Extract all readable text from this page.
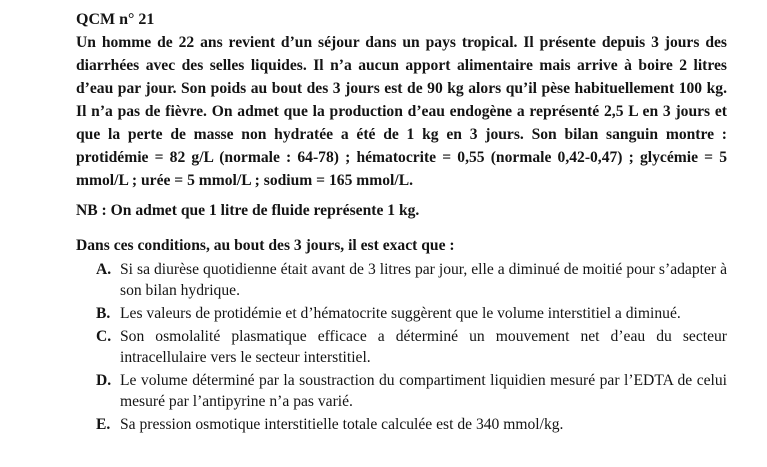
QCM n° 21

Un homme de 22 ans revient d’un séjour dans un pays tropical. Il présente depuis 3 jours des diarrhées avec des selles liquides. Il n’a aucun apport alimentaire mais arrive à boire 2 litres d’eau par jour. Son poids au bout des 3 jours est de 90 kg alors qu’il pèse habituellement 100 kg. Il n’a pas de fièvre. On admet que la production d’eau endogène a représenté 2,5 L en 3 jours et que la perte de masse non hydratée a été de 1 kg en 3 jours. Son bilan sanguin montre : protidémie = 82 g/L (normale : 64-78) ; hématocrite = 0,55 (normale 0,42-0,47) ; glycémie = 5 mmol/L ; urée = 5 mmol/L ; sodium = 165 mmol/L.

NB : On admet que 1 litre de fluide représente 1 kg.

Dans ces conditions, au bout des 3 jours, il est exact que :

A. Si sa diurèse quotidienne était avant de 3 litres par jour, elle a diminué de moitié pour s’adapter à son bilan hydrique.
B. Les valeurs de protidémie et d’hématocrite suggèrent que le volume interstitiel a diminué.
C. Son osmolalité plasmatique efficace a déterminé un mouvement net d’eau du secteur intracellulaire vers le secteur interstitiel.
D. Le volume déterminé par la soustraction du compartiment liquidien mesuré par l’EDTA de celui mesuré par l’antipyrine n’a pas varié.
E. Sa pression osmotique interstitielle totale calculée est de 340 mmol/kg.
